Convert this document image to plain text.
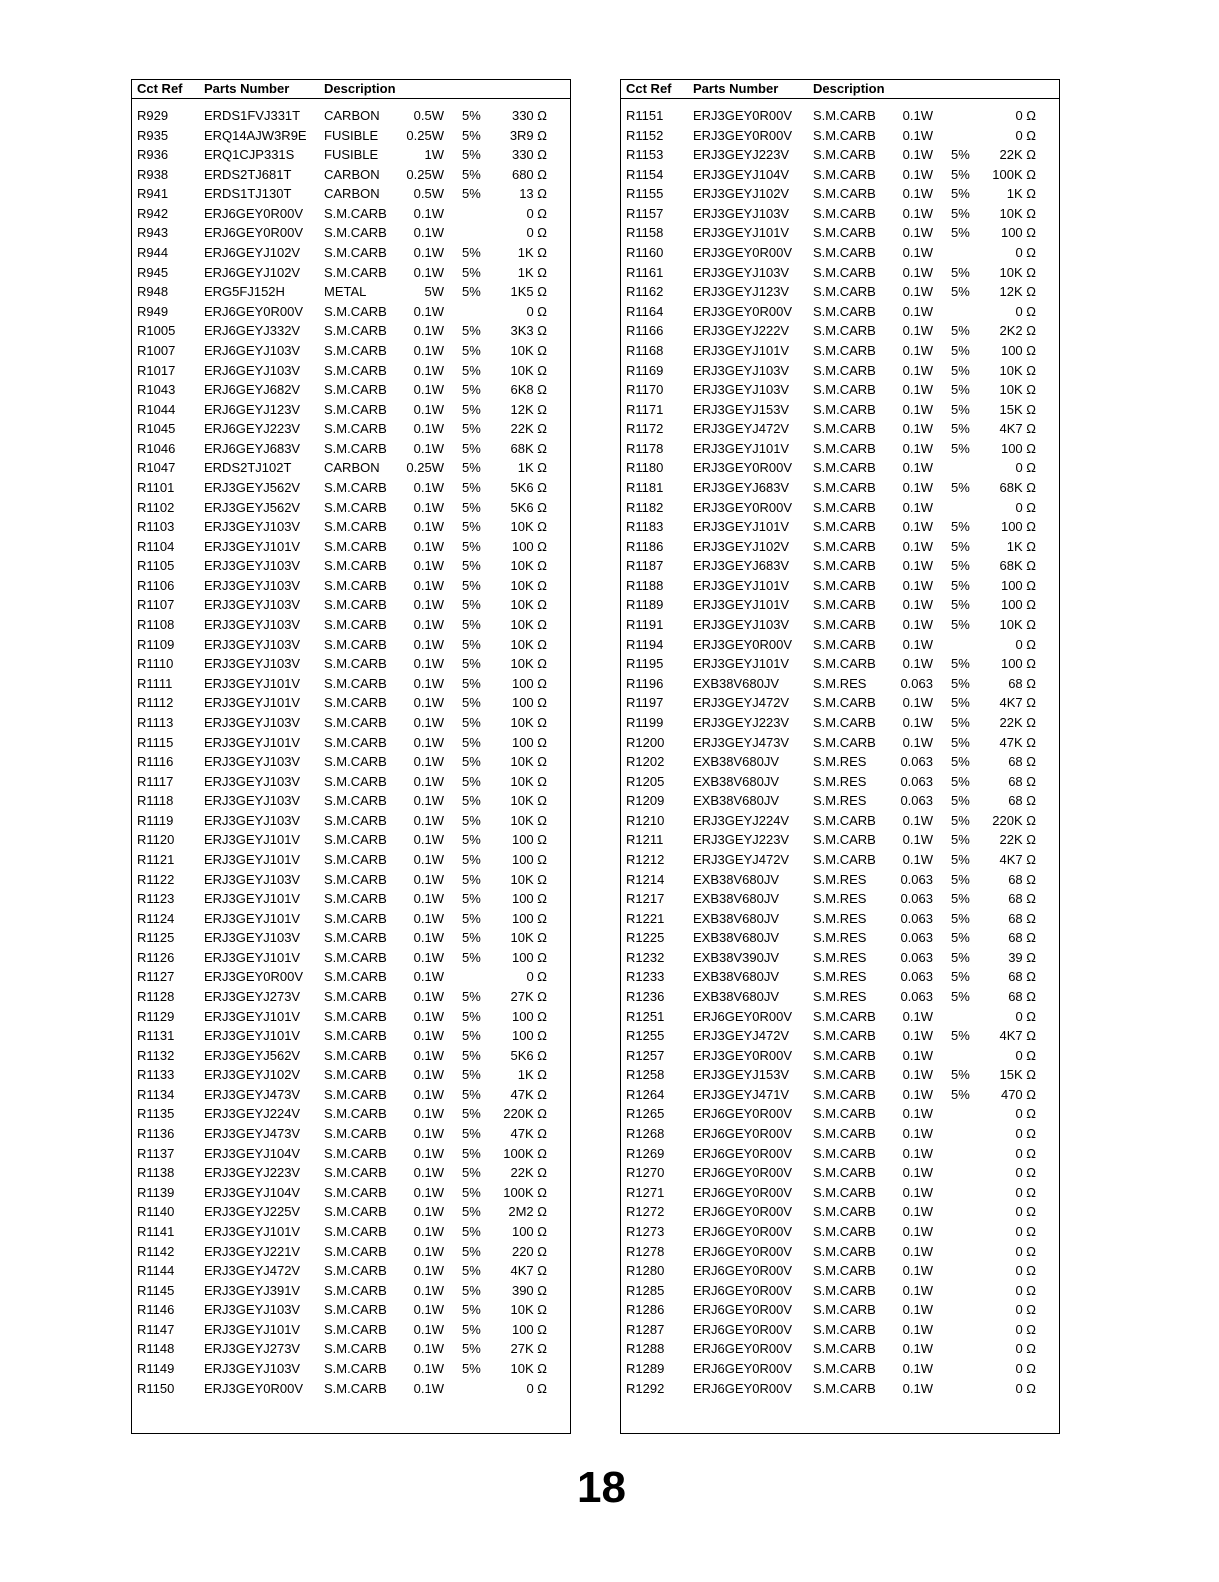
Cct Ref Parts Number	Description
R929	ERDS1FVJ331T CARBON	0.5W 5% 330 Ω
R935	ERQ14AJW3R9E FUSIBLE 0.25W 5% 3R9 Ω
R936	ERQ1CJP331S FUSIBLE	1W 5% 330 Ω
R938	ERDS2TJ681T	CARBON 0.25W 5% 680 Ω
R941	ERDS1TJ130T	CARBON	0.5W 5%	13 Ω
R942	ERJ6GEY0R00V S.M.CARB 0.1W	0 Ω
R943	ERJ6GEY0R00V S.M.CARB 0.1W	0 Ω
R944	ERJ6GEYJ102V S.M.CARB 0.1W 5%	1K Ω
R945	ERJ6GEYJ102V S.M.CARB 0.1W 5%	1K Ω
R948	ERG5FJ152H	METAL	5W 5% 1K5 Ω
R949	ERJ6GEY0R00V S.M.CARB 0.1W	0 Ω
R1005 ERJ6GEYJ332V S.M.CARB 0.1W 5% 3K3 Ω
R1007 ERJ6GEYJ103V S.M.CARB 0.1W 5% 10K Ω
R1017 ERJ6GEYJ103V S.M.CARB 0.1W 5% 10K Ω
R1043 ERJ6GEYJ682V S.M.CARB 0.1W 5% 6K8 Ω
R1044 ERJ6GEYJ123V S.M.CARB 0.1W 5% 12K Ω
R1045 ERJ6GEYJ223V S.M.CARB 0.1W 5% 22K Ω
R1046 ERJ6GEYJ683V S.M.CARB 0.1W 5% 68K Ω
R1047 ERDS2TJ102T	CARBON 0.25W 5%	1K Ω
R1101 ERJ3GEYJ562V S.M.CARB 0.1W 5% 5K6 Ω
R1102 ERJ3GEYJ562V S.M.CARB 0.1W 5% 5K6 Ω
R1103 ERJ3GEYJ103V S.M.CARB 0.1W 5% 10K Ω
R1104 ERJ3GEYJ101V S.M.CARB 0.1W 5% 100 Ω
R1105 ERJ3GEYJ103V S.M.CARB 0.1W 5% 10K Ω
R1106 ERJ3GEYJ103V S.M.CARB 0.1W 5% 10K Ω
R1107 ERJ3GEYJ103V S.M.CARB 0.1W 5% 10K Ω
R1108 ERJ3GEYJ103V S.M.CARB 0.1W 5% 10K Ω
R1109 ERJ3GEYJ103V S.M.CARB 0.1W 5% 10K Ω
R1110 ERJ3GEYJ103V S.M.CARB 0.1W 5% 10K Ω
R1111 ERJ3GEYJ101V S.M.CARB 0.1W 5% 100 Ω
R1112 ERJ3GEYJ101V S.M.CARB 0.1W 5% 100 Ω
R1113 ERJ3GEYJ103V S.M.CARB 0.1W 5% 10K Ω
R1115 ERJ3GEYJ101V S.M.CARB 0.1W 5% 100 Ω
R1116 ERJ3GEYJ103V S.M.CARB 0.1W 5% 10K Ω
R1117 ERJ3GEYJ103V S.M.CARB 0.1W 5% 10K Ω
R1118 ERJ3GEYJ103V S.M.CARB 0.1W 5% 10K Ω
R1119 ERJ3GEYJ103V S.M.CARB 0.1W 5% 10K Ω
R1120 ERJ3GEYJ101V S.M.CARB 0.1W 5% 100 Ω
R1121 ERJ3GEYJ101V S.M.CARB 0.1W 5% 100 Ω
R1122 ERJ3GEYJ103V S.M.CARB 0.1W 5% 10K Ω
R1123 ERJ3GEYJ101V S.M.CARB 0.1W 5% 100 Ω
R1124 ERJ3GEYJ101V S.M.CARB 0.1W 5% 100 Ω
R1125 ERJ3GEYJ103V S.M.CARB 0.1W 5% 10K Ω
R1126 ERJ3GEYJ101V S.M.CARB 0.1W 5% 100 Ω
R1127 ERJ3GEY0R00V S.M.CARB 0.1W	0 Ω
R1128 ERJ3GEYJ273V S.M.CARB 0.1W 5% 27K Ω
R1129 ERJ3GEYJ101V S.M.CARB 0.1W 5% 100 Ω
R1131 ERJ3GEYJ101V S.M.CARB 0.1W 5% 100 Ω
R1132 ERJ3GEYJ562V S.M.CARB 0.1W 5% 5K6 Ω
R1133 ERJ3GEYJ102V S.M.CARB 0.1W 5%	1K Ω
R1134 ERJ3GEYJ473V S.M.CARB 0.1W 5% 47K Ω
R1135 ERJ3GEYJ224V S.M.CARB 0.1W 5% 220K Ω
R1136 ERJ3GEYJ473V S.M.CARB 0.1W 5% 47K Ω
R1137 ERJ3GEYJ104V S.M.CARB 0.1W 5% 100K Ω
R1138 ERJ3GEYJ223V S.M.CARB 0.1W 5% 22K Ω
R1139 ERJ3GEYJ104V S.M.CARB 0.1W 5% 100K Ω
R1140 ERJ3GEYJ225V S.M.CARB 0.1W 5% 2M2 Ω
R1141 ERJ3GEYJ101V S.M.CARB 0.1W 5% 100 Ω
R1142 ERJ3GEYJ221V S.M.CARB 0.1W 5% 220 Ω
R1144 ERJ3GEYJ472V S.M.CARB 0.1W 5% 4K7 Ω
R1145 ERJ3GEYJ391V S.M.CARB 0.1W 5% 390 Ω
R1146 ERJ3GEYJ103V S.M.CARB 0.1W 5% 10K Ω
R1147 ERJ3GEYJ101V S.M.CARB 0.1W 5% 100 Ω
R1148 ERJ3GEYJ273V S.M.CARB 0.1W 5% 27K Ω
R1149 ERJ3GEYJ103V S.M.CARB 0.1W 5% 10K Ω
R1150 ERJ3GEY0R00V S.M.CARB 0.1W	0 Ω
Cct Ref Parts Number	Description
R1151 ERJ3GEY0R00V S.M.CARB 0.1W	0 Ω
R1152 ERJ3GEY0R00V S.M.CARB 0.1W	0 Ω
R1153 ERJ3GEYJ223V S.M.CARB 0.1W 5% 22K Ω
R1154 ERJ3GEYJ104V S.M.CARB 0.1W 5% 100K Ω
R1155 ERJ3GEYJ102V S.M.CARB 0.1W 5%	1K Ω
R1157 ERJ3GEYJ103V S.M.CARB 0.1W 5% 10K Ω
R1158 ERJ3GEYJ101V S.M.CARB 0.1W 5% 100 Ω
R1160 ERJ3GEY0R00V S.M.CARB 0.1W	0 Ω
R1161 ERJ3GEYJ103V S.M.CARB 0.1W 5% 10K Ω
R1162 ERJ3GEYJ123V S.M.CARB 0.1W 5% 12K Ω
R1164 ERJ3GEY0R00V S.M.CARB 0.1W	0 Ω
R1166 ERJ3GEYJ222V S.M.CARB 0.1W 5% 2K2 Ω
R1168 ERJ3GEYJ101V S.M.CARB 0.1W 5% 100 Ω
R1169 ERJ3GEYJ103V S.M.CARB 0.1W 5% 10K Ω
R1170 ERJ3GEYJ103V S.M.CARB 0.1W 5% 10K Ω
R1171 ERJ3GEYJ153V S.M.CARB 0.1W 5% 15K Ω
R1172 ERJ3GEYJ472V S.M.CARB 0.1W 5% 4K7 Ω
R1178 ERJ3GEYJ101V S.M.CARB 0.1W 5% 100 Ω
R1180 ERJ3GEY0R00V S.M.CARB 0.1W	0 Ω
R1181 ERJ3GEYJ683V S.M.CARB 0.1W 5% 68K Ω
R1182 ERJ3GEY0R00V S.M.CARB 0.1W	0 Ω
R1183 ERJ3GEYJ101V S.M.CARB 0.1W 5% 100 Ω
R1186 ERJ3GEYJ102V S.M.CARB 0.1W 5%	1K Ω
R1187 ERJ3GEYJ683V S.M.CARB 0.1W 5% 68K Ω
R1188 ERJ3GEYJ101V S.M.CARB 0.1W 5% 100 Ω
R1189 ERJ3GEYJ101V S.M.CARB 0.1W 5% 100 Ω
R1191 ERJ3GEYJ103V S.M.CARB 0.1W 5% 10K Ω
R1194 ERJ3GEY0R00V S.M.CARB 0.1W	0 Ω
R1195 ERJ3GEYJ101V S.M.CARB 0.1W 5% 100 Ω
R1196 EXB38V680JV	S.M.RES	0.063 5%	68 Ω
R1197 ERJ3GEYJ472V S.M.CARB 0.1W 5% 4K7 Ω
R1199 ERJ3GEYJ223V S.M.CARB 0.1W 5% 22K Ω
R1200 ERJ3GEYJ473V S.M.CARB 0.1W 5% 47K Ω
R1202 EXB38V680JV	S.M.RES	0.063 5%	68 Ω
R1205 EXB38V680JV	S.M.RES	0.063 5%	68 Ω
R1209 EXB38V680JV	S.M.RES	0.063 5%	68 Ω
R1210 ERJ3GEYJ224V S.M.CARB 0.1W 5% 220K Ω
R1211 ERJ3GEYJ223V S.M.CARB 0.1W 5% 22K Ω
R1212 ERJ3GEYJ472V S.M.CARB 0.1W 5% 4K7 Ω
R1214 EXB38V680JV	S.M.RES	0.063 5%	68 Ω
R1217 EXB38V680JV	S.M.RES	0.063 5%	68 Ω
R1221 EXB38V680JV	S.M.RES	0.063 5%	68 Ω
R1225 EXB38V680JV	S.M.RES	0.063 5%	68 Ω
R1232 EXB38V390JV	S.M.RES	0.063 5%	39 Ω
R1233 EXB38V680JV	S.M.RES	0.063 5%	68 Ω
R1236 EXB38V680JV	S.M.RES	0.063 5%	68 Ω
R1251 ERJ6GEY0R00V S.M.CARB 0.1W	0 Ω
R1255 ERJ3GEYJ472V S.M.CARB 0.1W 5% 4K7 Ω
R1257 ERJ3GEY0R00V S.M.CARB 0.1W	0 Ω
R1258 ERJ3GEYJ153V S.M.CARB 0.1W 5% 15K Ω
R1264 ERJ3GEYJ471V S.M.CARB 0.1W 5% 470 Ω
R1265 ERJ6GEY0R00V S.M.CARB 0.1W	0 Ω
R1268 ERJ6GEY0R00V S.M.CARB 0.1W	0 Ω
R1269 ERJ6GEY0R00V S.M.CARB 0.1W	0 Ω
R1270 ERJ6GEY0R00V S.M.CARB 0.1W	0 Ω
R1271 ERJ6GEY0R00V S.M.CARB 0.1W	0 Ω
R1272 ERJ6GEY0R00V S.M.CARB 0.1W	0 Ω
R1273 ERJ6GEY0R00V S.M.CARB 0.1W	0 Ω
R1278 ERJ6GEY0R00V S.M.CARB 0.1W	0 Ω
R1280 ERJ6GEY0R00V S.M.CARB 0.1W	0 Ω
R1285 ERJ6GEY0R00V S.M.CARB 0.1W	0 Ω
R1286 ERJ6GEY0R00V S.M.CARB 0.1W	0 Ω
R1287 ERJ6GEY0R00V S.M.CARB 0.1W	0 Ω
R1288 ERJ6GEY0R00V S.M.CARB 0.1W	0 Ω
R1289 ERJ6GEY0R00V S.M.CARB 0.1W	0 Ω
R1292 ERJ6GEY0R00V S.M.CARB 0.1W	0 Ω
18
